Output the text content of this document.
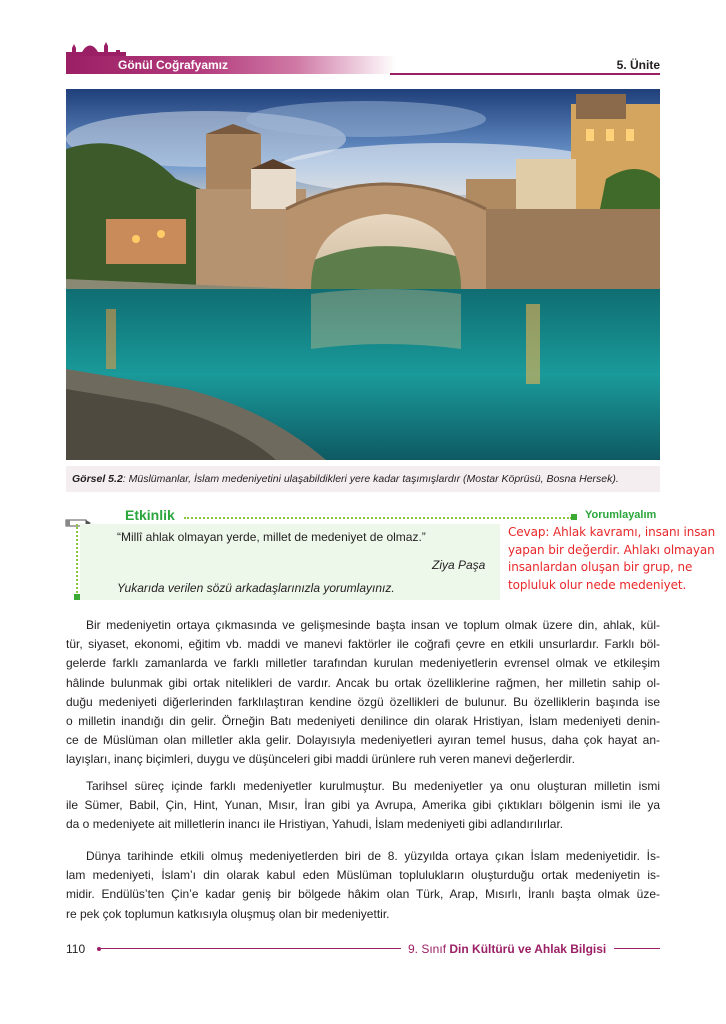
Gönül Coğrafyamız	5. Ünite
Görsel 5.2: Müslümanlar, İslam medeniyetini ulaşabildikleri yere kadar taşımışlardır (Mostar Köprüsü, Bosna Hersek).
Etkinlik	Yorumlayalım
“Millî ahlak olmayan yerde, millet de medeniyet de olmaz.”
Ziya Paşa
Yukarıda verilen sözü arkadaşlarınızla yorumlayınız.
Cevap: Ahlak kavramı, insanı insan
yapan bir değerdir. Ahlakı olmayan
insanlardan oluşan bir grup, ne
topluluk olur nede medeniyet.
Bir medeniyetin ortaya çıkmasında ve gelişmesinde başta insan ve toplum olmak üzere din, ahlak, kül-
tür, siyaset, ekonomi, eğitim vb. maddi ve manevi faktörler ile coğrafi çevre en etkili unsurlardır. Farklı böl-
gelerde farklı zamanlarda ve farklı milletler tarafından kurulan medeniyetlerin evrensel olmak ve etkileşim
hâlinde bulunmak gibi ortak nitelikleri de vardır. Ancak bu ortak özelliklerine rağmen, her milletin sahip ol-
duğu medeniyeti diğerlerinden farklılaştıran kendine özgü özellikleri de bulunur. Bu özelliklerin başında ise
o milletin inandığı din gelir. Örneğin Batı medeniyeti denilince din olarak Hristiyan, İslam medeniyeti denin-
ce de Müslüman olan milletler akla gelir. Dolayısıyla medeniyetleri ayıran temel husus, daha çok hayat an-
layışları, inanç biçimleri, duygu ve düşünceleri gibi maddi ürünlere ruh veren manevi değerlerdir.
Tarihsel süreç içinde farklı medeniyetler kurulmuştur. Bu medeniyetler ya onu oluşturan milletin ismi
ile Sümer, Babil, Çin, Hint, Yunan, Mısır, İran gibi ya Avrupa, Amerika gibi çıktıkları bölgenin ismi ile ya
da o medeniyete ait milletlerin inancı ile Hristiyan, Yahudi, İslam medeniyeti gibi adlandırılırlar.
Dünya tarihinde etkili olmuş medeniyetlerden biri de 8. yüzyılda ortaya çıkan İslam medeniyetidir. İs-
lam medeniyeti, İslam’ı din olarak kabul eden Müslüman toplulukların oluşturduğu ortak medeniyetin is-
midir. Endülüs’ten Çin’e kadar geniş bir bölgede hâkim olan Türk, Arap, Mısırlı, İranlı başta olmak üze-
re pek çok toplumun katkısıyla oluşmuş olan bir medeniyettir.
110	9. Sınıf Din Kültürü ve Ahlak Bilgisi
